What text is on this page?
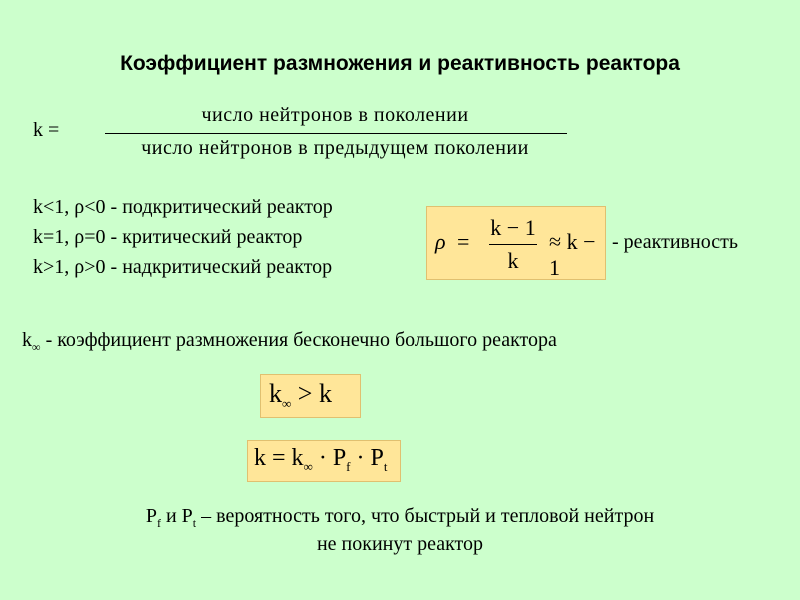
Коэффициент размножения и реактивность реактора
k =
число нейтронов в поколении
число нейтронов в предыдущем поколении
k<1, ρ<0 - подкритический реактор
k=1, ρ=0 - критический реактор
k>1, ρ>0 - надкритический реактор
ρ =
k − 1
k
≈ k − 1
- реактивность
$k_\infty$ - коэффициент размножения бесконечно большого реактора
$k_\infty > k$
$k = k_\infty \cdot P_f \cdot P_t$
$P_f$ и $P_t$ – вероятность того, что быстрый и тепловой нейтрон
не покинут реактор
